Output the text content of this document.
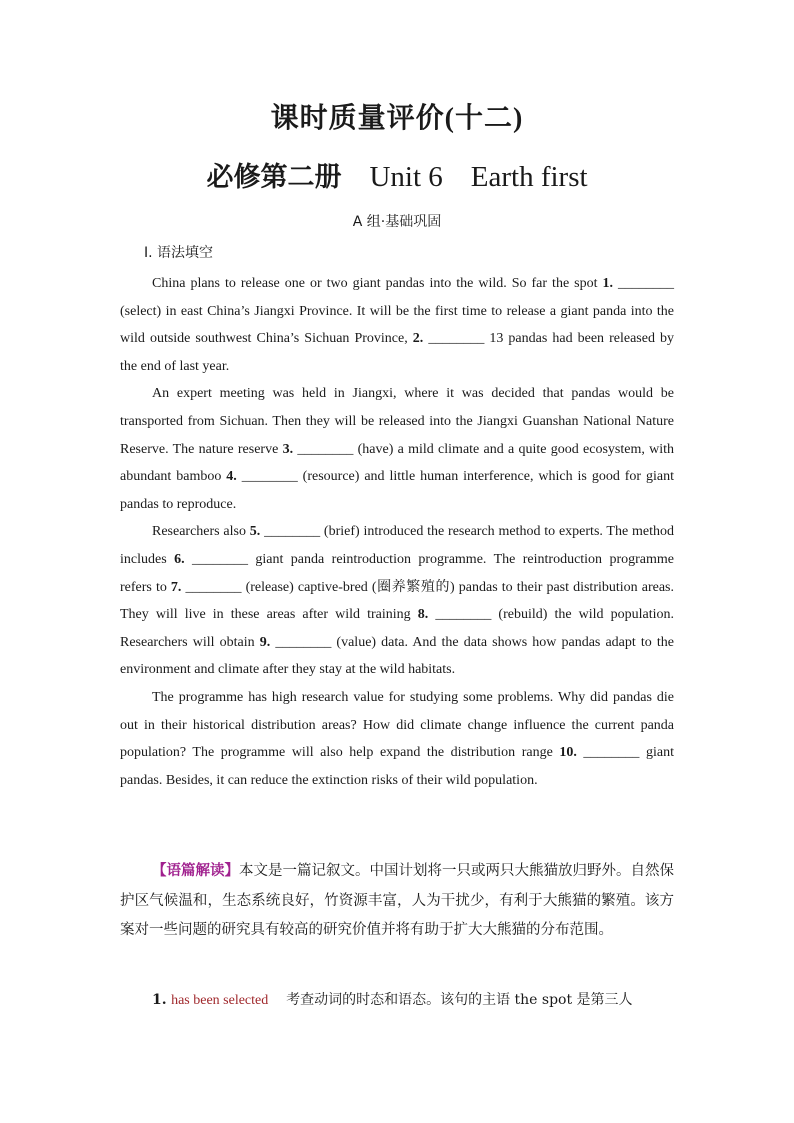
课时质量评价(十二)
必修第二册 Unit 6 Earth first
A 组·基础巩固
Ⅰ. 语法填空

China plans to release one or two giant pandas into the wild. So far the spot 1. ________ (select) in east China’s Jiangxi Province. It will be the first time to release a giant panda into the wild outside southwest China’s Sichuan Province, 2. ________ 13 pandas had been released by the end of last year.

An expert meeting was held in Jiangxi, where it was decided that pandas would be transported from Sichuan. Then they will be released into the Jiangxi Guanshan National Nature Reserve. The nature reserve 3. ________ (have) a mild climate and a quite good ecosystem, with abundant bamboo 4. ________ (resource) and little human interference, which is good for giant pandas to reproduce.

Researchers also 5. ________ (brief) introduced the research method to experts. The method includes 6. ________ giant panda reintroduction programme. The reintroduction programme refers to 7. ________ (release) captive-bred (圈养繁殖的) pandas to their past distribution areas. They will live in these areas after wild training 8. ________ (rebuild) the wild population. Researchers will obtain 9. ________ (value) data. And the data shows how pandas adapt to the environment and climate after they stay at the wild habitats.

The programme has high research value for studying some problems. Why did pandas die out in their historical distribution areas? How did climate change influence the current panda population? The programme will also help expand the distribution range 10. ________ giant pandas. Besides, it can reduce the extinction risks of their wild population.

【语篇解读】本文是一篇记叙文。中国计划将一只或两只大熊猫放归野外。自然保护区气候温和，生态系统良好，竹资源丰富，人为干扰少，有利于大熊猫的繁殖。该方案对一些问题的研究具有较高的研究价值并将有助于扩大大熊猫的分布范围。

1. has been selected 考查动词的时态和语态。该句的主语 the spot 是第三人
